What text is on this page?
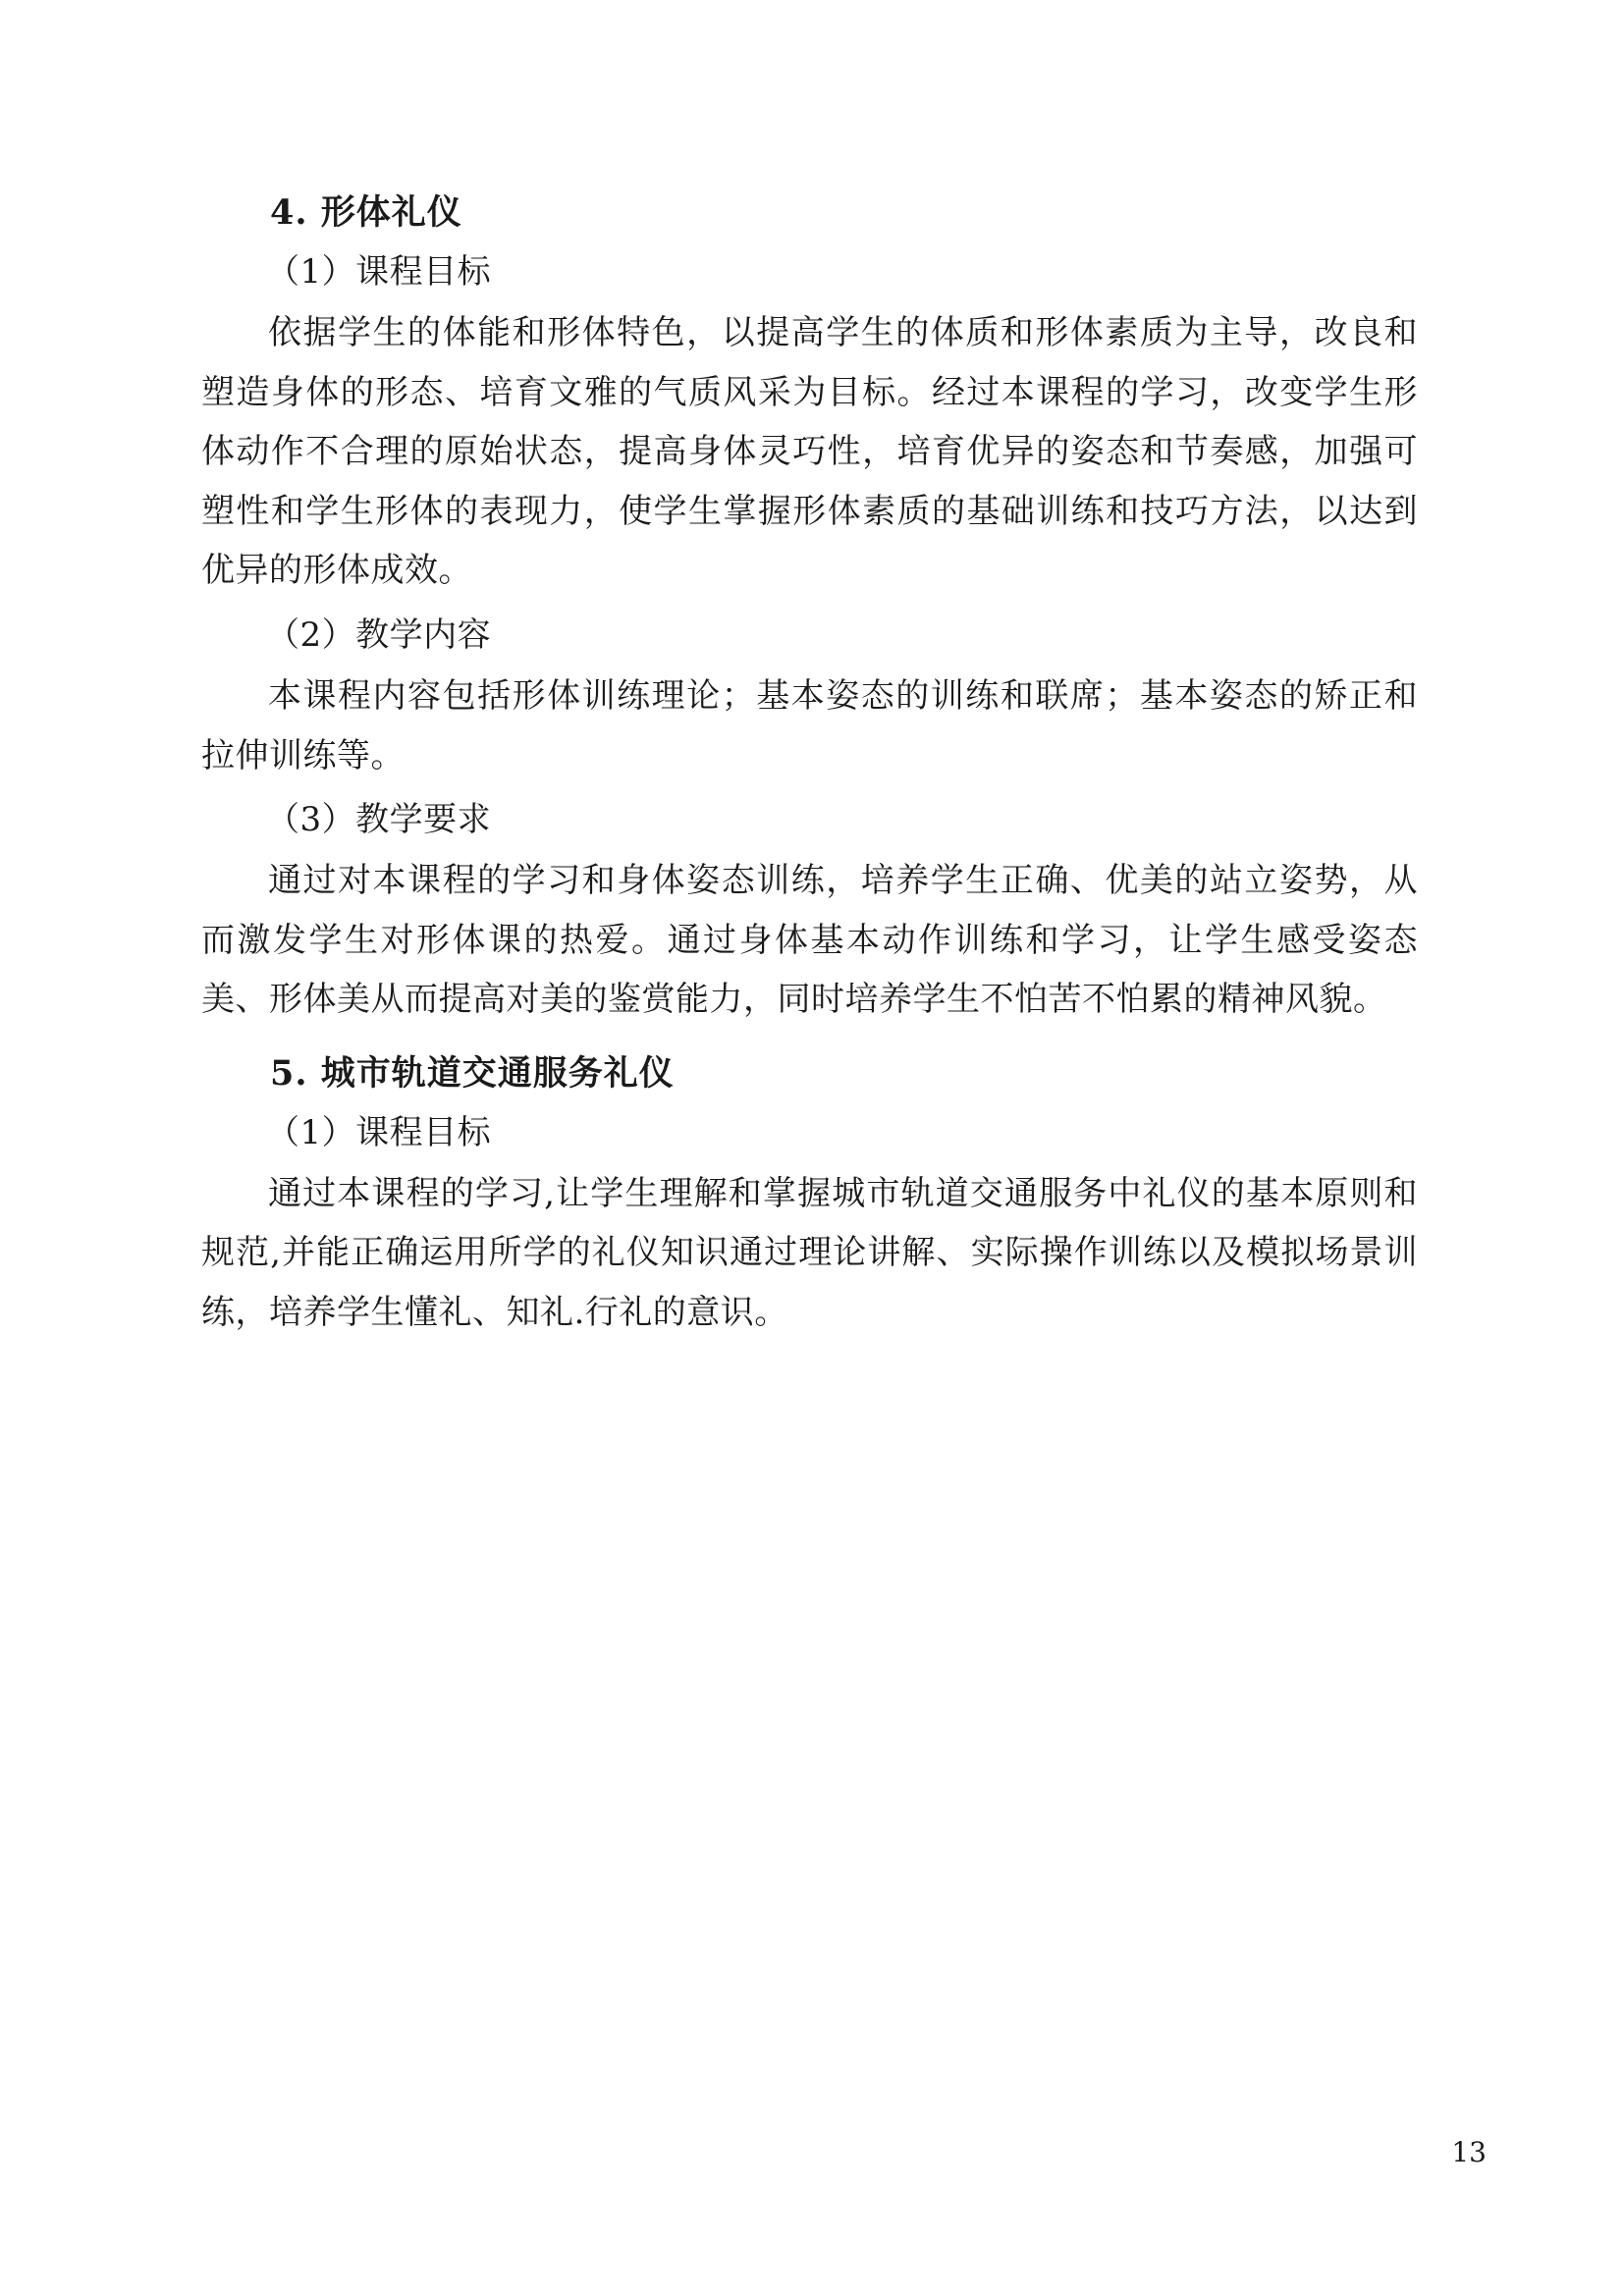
4. 形体礼仪

（1）课程目标

依据学生的体能和形体特色，以提高学生的体质和形体素质为主导，改良和塑造身体的形态、培育文雅的气质风采为目标。经过本课程的学习，改变学生形体动作不合理的原始状态，提高身体灵巧性，培育优异的姿态和节奏感，加强可塑性和学生形体的表现力，使学生掌握形体素质的基础训练和技巧方法，以达到优异的形体成效。

（2）教学内容

本课程内容包括形体训练理论；基本姿态的训练和联席；基本姿态的矫正和拉伸训练等。

（3）教学要求

通过对本课程的学习和身体姿态训练，培养学生正确、优美的站立姿势，从而激发学生对形体课的热爱。通过身体基本动作训练和学习，让学生感受姿态美、形体美从而提高对美的鉴赏能力，同时培养学生不怕苦不怕累的精神风貌。

5. 城市轨道交通服务礼仪

（1）课程目标

通过本课程的学习,让学生理解和掌握城市轨道交通服务中礼仪的基本原则和规范,并能正确运用所学的礼仪知识通过理论讲解、实际操作训练以及模拟场景训练，培养学生懂礼、知礼.行礼的意识。

13
